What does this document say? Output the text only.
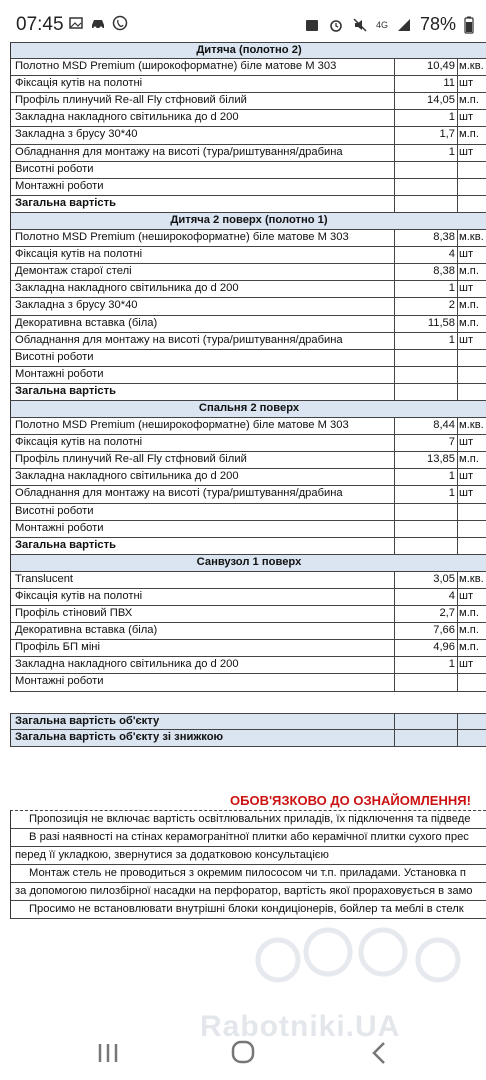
07:45	4G 78%
Дитяча (полотно 2)
Полотно MSD Premium (широкоформатне) біле матове М 303	10,49 м.кв.
Фіксація кутів на полотні	11 шт
Профіль плинучий Re-all Fly стфновий білий	14,05 м.п.
Закладна накладного світильника до d 200	1 шт
Закладна з брусу 30*40	1,7 м.п.
Обладнання для монтажу на висоті (тура/риштування/драбина	1 шт
Висотні роботи
Монтажні роботи
Загальна вартість
Дитяча 2 поверх (полотно 1)
Полотно MSD Premium (неширокоформатне) біле матове М 303	8,38 м.кв.
Фіксація кутів на полотні	4 шт
Демонтаж старої стелі	8,38 м.п.
Закладна накладного світильника до d 200	1 шт
Закладна з брусу 30*40	2 м.п.
Декоративна вставка (біла)	11,58 м.п.
Обладнання для монтажу на висоті (тура/риштування/драбина	1 шт
Висотні роботи
Монтажні роботи
Загальна вартість
Спальня 2 поверх
Полотно MSD Premium (неширокоформатне) біле матове М 303	8,44 м.кв.
Фіксація кутів на полотні	7 шт
Профіль плинучий Re-all Fly стфновий білий	13,85 м.п.
Закладна накладного світильника до d 200	1 шт
Обладнання для монтажу на висоті (тура/риштування/драбина	1 шт
Висотні роботи
Монтажні роботи
Загальна вартість
Санвузол 1 поверх
Translucent	3,05 м.кв.
Фіксація кутів на полотні	4 шт
Профіль стіновий ПВХ	2,7 м.п.
Декоративна вставка (біла)	7,66 м.п.
Профіль БП міні	4,96 м.п.
Закладна накладного світильника до d 200	1 шт
Монтажні роботи
Загальна вартість об'єкту
Загальна вартість об'єкту зі знижкою
ОБОВ'ЯЗКОВО ДО ОЗНАЙОМЛЕННЯ!
Пропозиція не включає вартість освітлювальних приладів, їх підключення та підведе
В разі наявності на стінах керамогранітної плитки або керамічної плитки сухого прес
перед її укладкою, звернутися за додатковою консультацією
Монтаж стель не проводиться з окремим пилососом чи т.п. приладами. Установка п
за допомогою пилозбірної насадки на перфоратор, вартість якої прораховується в замо
Просимо не встановлювати внутрішні блоки кондиціонерів, бойлер та меблі в стелк
Rabotniki.UA
